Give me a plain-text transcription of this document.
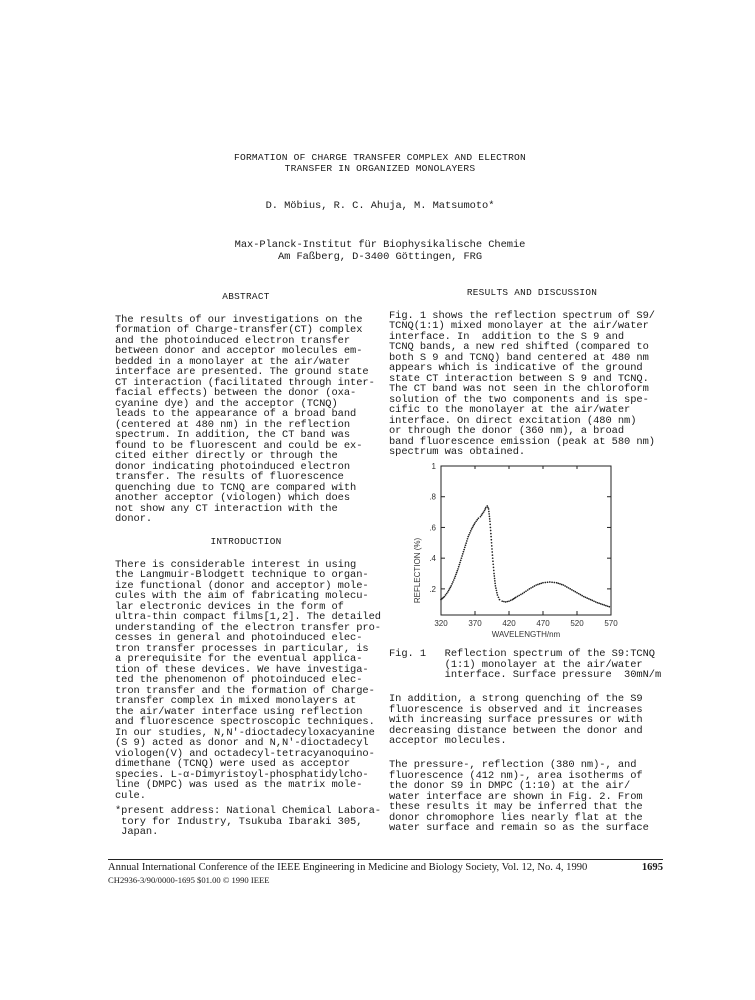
FORMATION OF CHARGE TRANSFER COMPLEX AND ELECTRON

TRANSFER IN ORGANIZED MONOLAYERS

D. Möbius, R. C. Ahuja, M. Matsumoto*

Max-Planck-Institut für Biophysikalische Chemie

Am Faßberg, D-3400 Göttingen, FRG

ABSTRACT

The results of our investigations on the

formation of Charge-transfer(CT) complex

and the photoinduced electron transfer

between donor and acceptor molecules em-

bedded in a monolayer at the air/water

interface are presented. The ground state

CT interaction (facilitated through inter-

facial effects) between the donor (oxa-

cyanine dye) and the acceptor (TCNQ)

leads to the appearance of a broad band

(centered at 480 nm) in the reflection

spectrum. In addition, the CT band was

found to be fluorescent and could be ex-

cited either directly or through the

donor indicating photoinduced electron

transfer. The results of fluorescence

quenching due to TCNQ are compared with

another acceptor (viologen) which does

not show any CT interaction with the

donor.

INTRODUCTION

There is considerable interest in using

the Langmuir-Blodgett technique to organ-

ize functional (donor and acceptor) mole-

cules with the aim of fabricating molecu-

lar electronic devices in the form of

ultra-thin compact films[1,2]. The detailed

understanding of the electron transfer pro-

cesses in general and photoinduced elec-

tron transfer processes in particular, is

a prerequisite for the eventual applica-

tion of these devices. We have investiga-

ted the phenomenon of photoinduced elec-

tron transfer and the formation of Charge-

transfer complex in mixed monolayers at

the air/water interface using reflection

and fluorescence spectroscopic techniques.

In our studies, N,N'-dioctadecyloxacyanine

(S 9) acted as donor and N,N'-dioctadecyl

viologen(V) and octadecyl-tetracyanoquino-

dimethane (TCNQ) were used as acceptor

species. L-α-Dimyristoyl-phosphatidylcho-

line (DMPC) was used as the matrix mole-

cule.

*present address: National Chemical Labora-

tory for Industry, Tsukuba Ibaraki 305,

Japan.

RESULTS AND DISCUSSION

Fig. 1 shows the reflection spectrum of S9/

TCNQ(1:1) mixed monolayer at the air/water

interface. In  addition to the S 9 and

TCNQ bands, a new red shifted (compared to

both S 9 and TCNQ) band centered at 480 nm

appears which is indicative of the ground

state CT interaction between S 9 and TCNQ.

The CT band was not seen in the chloroform

solution of the two components and is spe-

cific to the monolayer at the air/water

interface. On direct excitation (480 nm)

or through the donor (360 nm), a broad

band fluorescence emission (peak at 580 nm)

spectrum was obtained.

320	370	420	470	520	570
.2
.4
.6
.8
1
WAVELENGTH/nm
REFLECTION (%)

Fig. 1   Reflection spectrum of the S9:TCNQ

(1:1) monolayer at the air/water

interface. Surface pressure  30mN/m

In addition, a strong quenching of the S9

fluorescence is observed and it increases

with increasing surface pressures or with

decreasing distance between the donor and

acceptor molecules.

The pressure-, reflection (380 nm)-, and

fluorescence (412 nm)-, area isotherms of

the donor S9 in DMPC (1:10) at the air/

water interface are shown in Fig. 2. From

these results it may be inferred that the

donor chromophore lies nearly flat at the

water surface and remain so as the surface

Annual International Conference of the IEEE Engineering in Medicine and Biology Society, Vol. 12, No. 4, 1990	1695
CH2936-3/90/0000-1695 $01.00 © 1990 IEEE
